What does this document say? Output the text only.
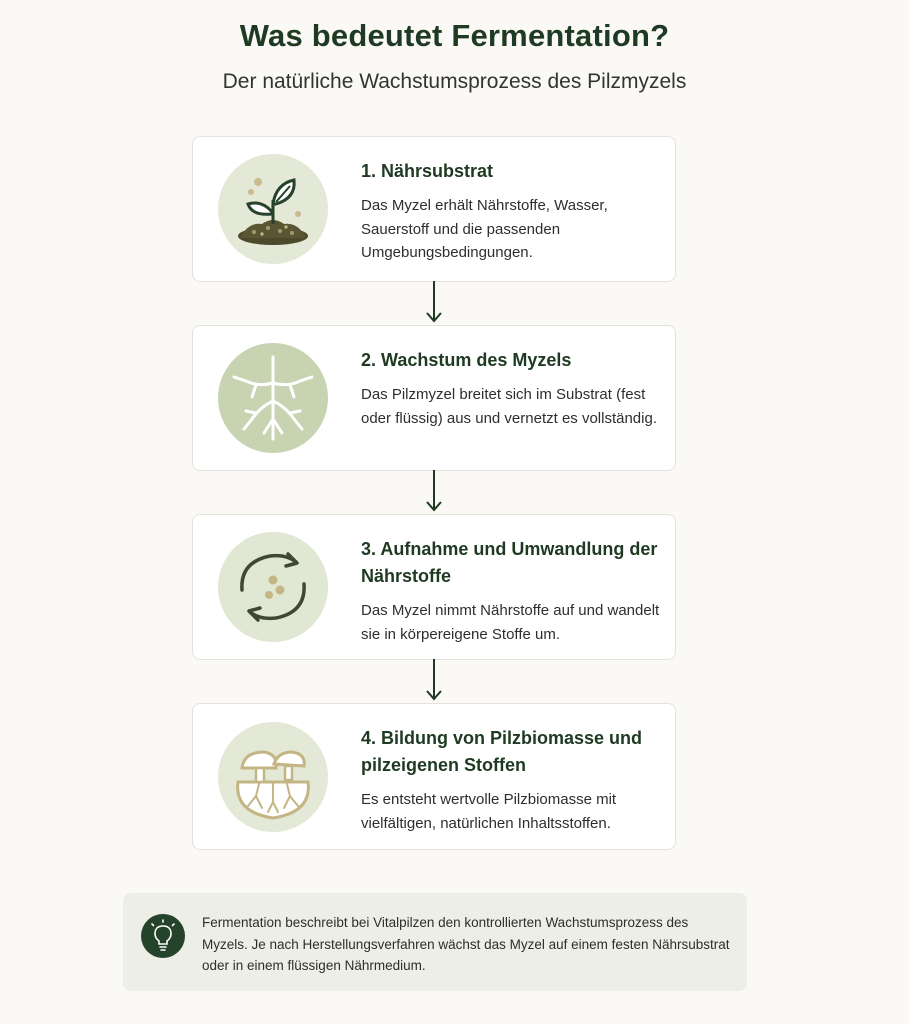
Was bedeutet Fermentation?
Der natürliche Wachstumsprozess des Pilzmyzels
1. Nährsubstrat
Das Myzel erhält Nährstoffe, Wasser, Sauerstoff und die passenden Umgebungsbedingungen.
2. Wachstum des Myzels
Das Pilzmyzel breitet sich im Substrat (fest oder flüssig) aus und vernetzt es vollständig.
3. Aufnahme und Umwandlung der Nährstoffe
Das Myzel nimmt Nährstoffe auf und wandelt sie in körpereigene Stoffe um.
4. Bildung von Pilzbiomasse und pilzeigenen Stoffen
Es entsteht wertvolle Pilzbiomasse mit vielfältigen, natürlichen Inhaltsstoffen.
Fermentation beschreibt bei Vitalpilzen den kontrollierten Wachstumsprozess des Myzels. Je nach Herstellungsverfahren wächst das Myzel auf einem festen Nährsubstrat oder in einem flüssigen Nährmedium.
